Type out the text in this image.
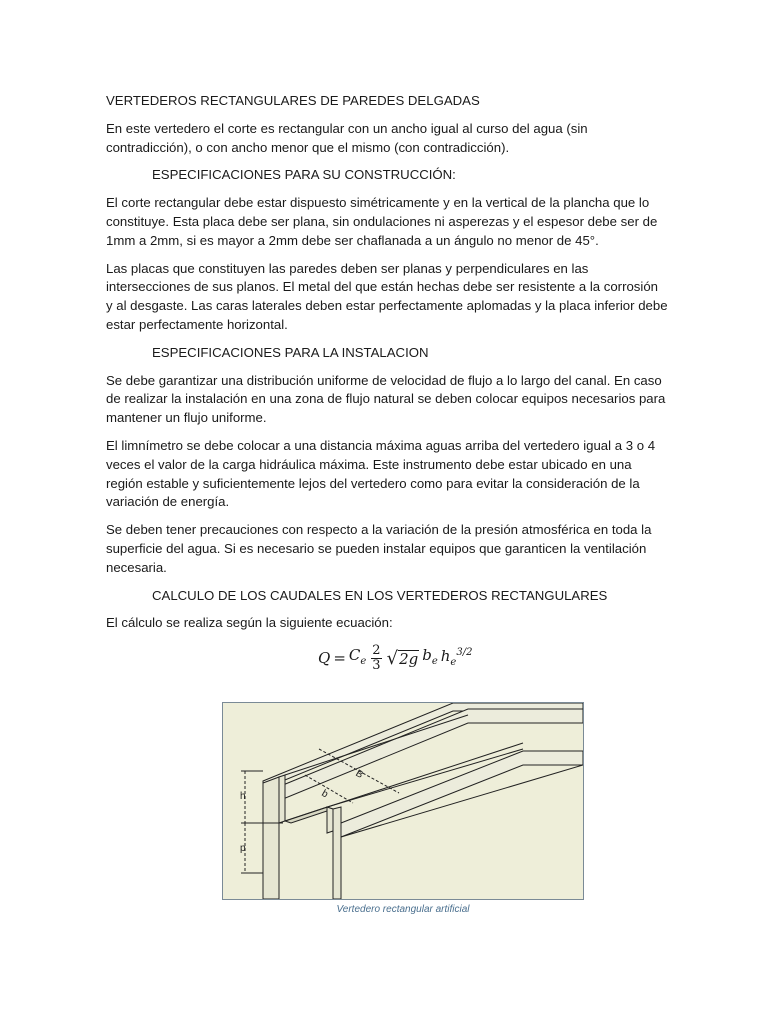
VERTEDEROS RECTANGULARES DE PAREDES DELGADAS

En este vertedero el corte es rectangular con un ancho igual al curso del agua (sin contradicción), o con ancho menor que el mismo (con contradicción).

ESPECIFICACIONES PARA SU CONSTRUCCIÓN:

El corte rectangular debe estar dispuesto simétricamente y en la vertical de la plancha que lo constituye. Esta placa debe ser plana, sin ondulaciones ni asperezas y el espesor debe ser de 1mm a 2mm, si es mayor a 2mm debe ser chaflanada a un ángulo no menor de 45°.

Las placas que constituyen las paredes deben ser planas y perpendiculares en las intersecciones de sus planos. El metal del que están hechas debe ser resistente a la corrosión y al desgaste. Las caras laterales deben estar perfectamente aplomadas y la placa inferior debe estar perfectamente horizontal.

ESPECIFICACIONES PARA LA INSTALACION

Se debe garantizar una distribución uniforme de velocidad de flujo a lo largo del canal. En caso de realizar la instalación en una zona de flujo natural se deben colocar equipos necesarios para mantener un flujo uniforme.

El limnímetro se debe colocar a una distancia máxima aguas arriba del vertedero igual a 3 o 4 veces el valor de la carga hidráulica máxima. Este instrumento debe estar ubicado en una región estable y suficientemente lejos del vertedero como para evitar la consideración de la variación de energía.

Se deben tener precauciones con respecto a la variación de la presión atmosférica en toda la superficie del agua. Si es necesario se pueden instalar equipos que garanticen la ventilación necesaria.

CALCULO DE LOS CAUDALES EN LOS VERTEDEROS RECTANGULARES

El cálculo se realiza según la siguiente ecuación:

$Q = C_e \frac{2}{3}$ √ 2g $b_e$ $h_e^{3/2}$
h
p
b
B
Vertedero rectangular artificial
